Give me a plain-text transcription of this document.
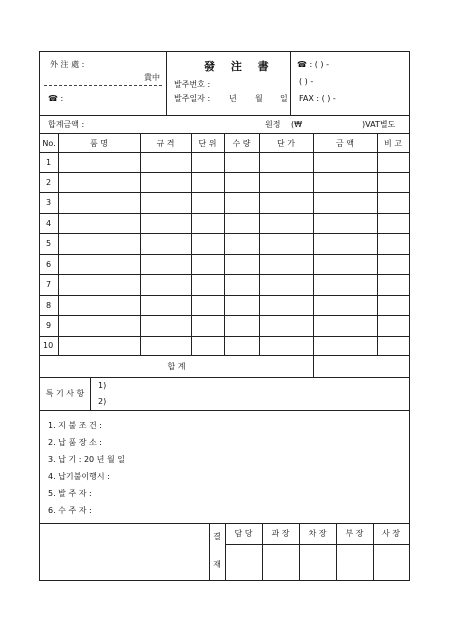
外 注 處 :
貴中
☎ :
發 注 書
발주번호 :
발주일자 : 년 월 일
☎ : ( ) -
( ) -
FAX : ( ) -
합계금액 :	원정 (₩	)VAT별도
No.	품 명	규 격	단 위	수 량	단 가	금 액	비 고
1
2
3
4
5
6
7
8
9
10
합 계
특 기 사 항
1)
2)
1. 지 불 조 건 :
2. 납 품 장 소 :
3. 납 기 : 20 년 월 일
4. 납기불이행시 :
5. 발 주 자 :
6. 수 주 자 :
결
재
담 당	과 장	차 장	부 장	사 장
